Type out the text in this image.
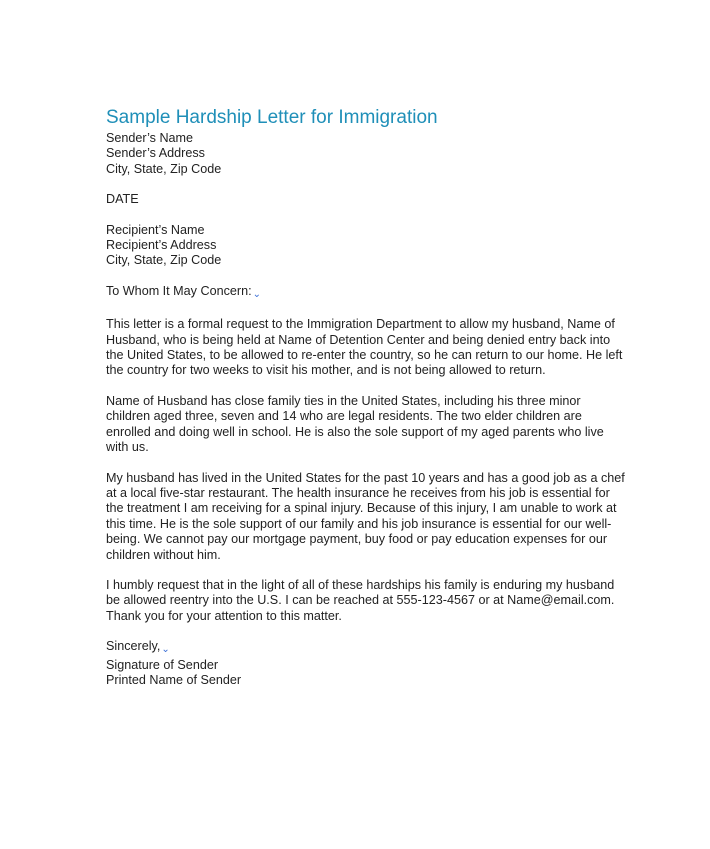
Sample Hardship Letter for Immigration
Sender’s Name
Sender’s Address
City, State, Zip Code
DATE
Recipient’s Name
Recipient’s Address
City, State, Zip Code
To Whom It May Concern:⌄

This letter is a formal request to the Immigration Department to allow my husband, Name of Husband, who is being held at Name of Detention Center and being denied entry back into the United States, to be allowed to re-enter the country, so he can return to our home. He left the country for two weeks to visit his mother, and is not being allowed to return.

Name of Husband has close family ties in the United States, including his three minor children aged three, seven and 14 who are legal residents. The two elder children are enrolled and doing well in school. He is also the sole support of my aged parents who live with us.

My husband has lived in the United States for the past 10 years and has a good job as a chef at a local five-star restaurant. The health insurance he receives from his job is essential for the treatment I am receiving for a spinal injury. Because of this injury, I am unable to work at this time. He is the sole support of our family and his job insurance is essential for our well-being. We cannot pay our mortgage payment, buy food or pay education expenses for our children without him.

I humbly request that in the light of all of these hardships his family is enduring my husband be allowed reentry into the U.S. I can be reached at 555-123-4567 or at Name@email.com. Thank you for your attention to this matter.

Sincerely,⌄
Signature of Sender
Printed Name of Sender
